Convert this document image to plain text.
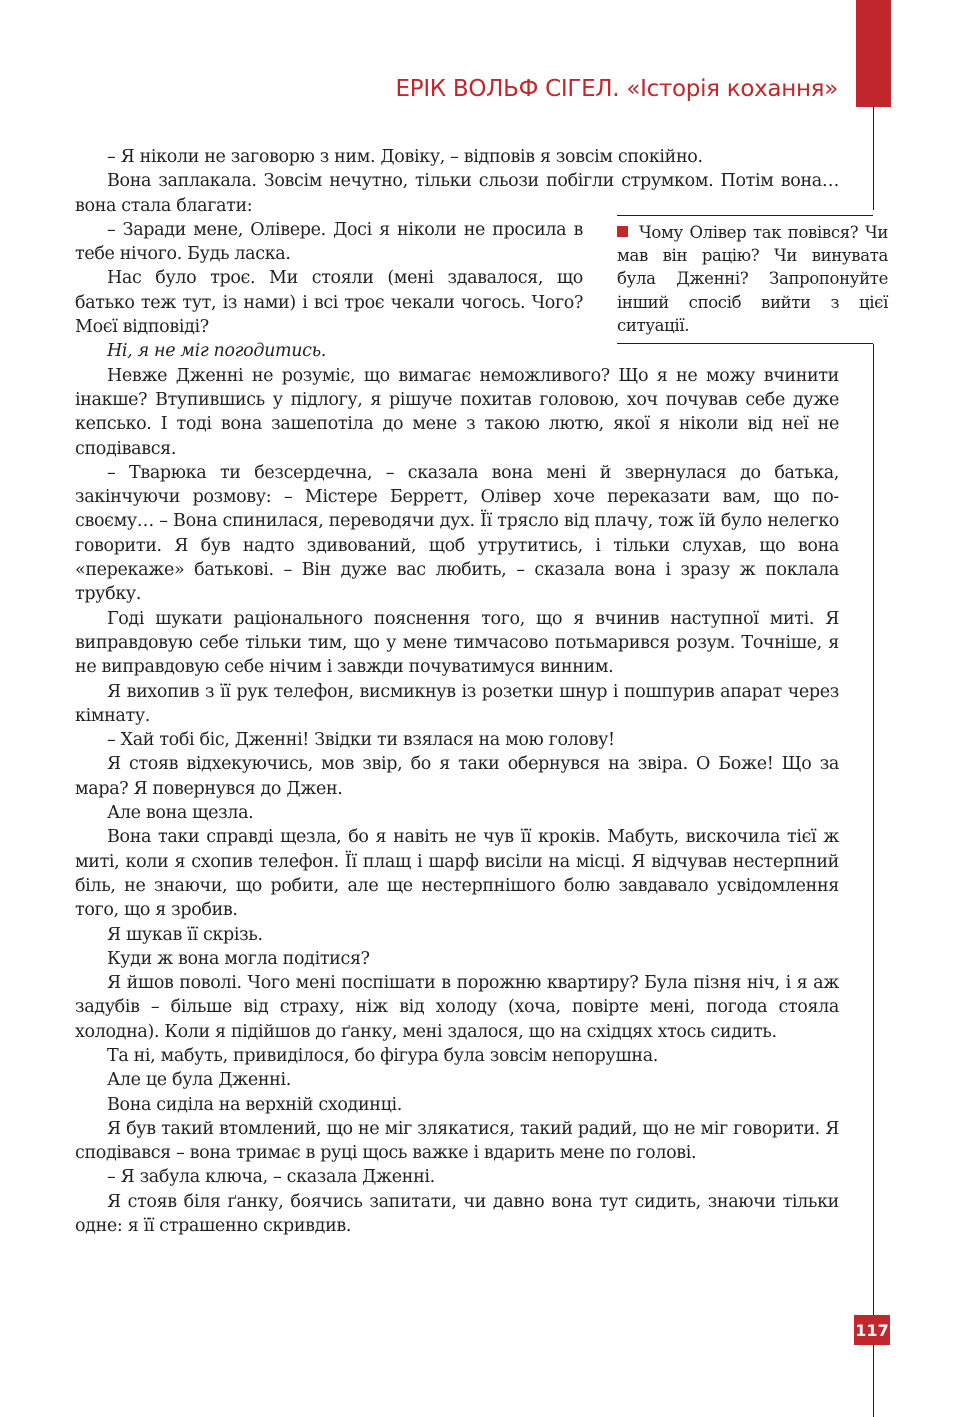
ЕРІК ВОЛЬФ СІГЕЛ. «Історія кохання»
Чому Олівер так повівся? Чи мав він рацію? Чи винувата була Дженні? Запропонуйте інший спосіб вийти з цієї ситуації.

– Я ніколи не заговорю з ним. Довіку, – відповів я зовсім спокійно.

Вона заплакала. Зовсім нечутно, тільки сльози побігли струмком. Потім вона… вона стала благати:

– Заради мене, Олівере. Досі я ніколи не просила в тебе нічого. Будь ласка.

Нас було троє. Ми стояли (мені здавалося, що батько теж тут, із нами) і всі троє чекали чогось. Чого? Моєї відповіді?

Ні, я не міг погодитись.

Невже Дженні не розуміє, що вимагає неможливого? Що я не можу вчинити інакше? Втупившись у підлогу, я рішуче похитав головою, хоч почував себе дуже кепсько. І тоді вона зашепотіла до мене з такою лютю, якої я ніколи від неї не сподівався.

– Тварюка ти безсердечна, – сказала вона мені й звернулася до батька, закінчуючи розмову: – Містере Берретт, Олівер хоче переказати вам, що по-своєму… – Вона спинилася, переводячи дух. Її трясло від плачу, тож їй було нелегко говорити. Я був надто здивований, щоб утрутитись, і тільки слухав, що вона «перекаже» батькові. – Він дуже вас любить, – сказала вона і зразу ж поклала трубку.

Годі шукати раціонального пояснення того, що я вчинив наступної миті. Я виправдовую себе тільки тим, що у мене тимчасово потьмарився розум. Точніше, я не виправдовую себе нічим і завжди почуватимуся винним.

Я вихопив з її рук телефон, висмикнув із розетки шнур і пошпурив апарат через кімнату.

– Хай тобі біс, Дженні! Звідки ти взялася на мою голову!

Я стояв відхекуючись, мов звір, бо я таки обернувся на звіра. О Боже! Що за мара? Я повернувся до Джен.

Але вона щезла.

Вона таки справді щезла, бо я навіть не чув її кроків. Мабуть, вискочила тієї ж миті, коли я схопив телефон. Її плащ і шарф висіли на місці. Я відчував нестерпний біль, не знаючи, що робити, але ще нестерпнішого болю завдавало усвідомлення того, що я зробив.

Я шукав її скрізь.

Куди ж вона могла подітися?

Я йшов поволі. Чого мені поспішати в порожню квартиру? Була пізня ніч, і я аж задубів – більше від страху, ніж від холоду (хоча, повірте мені, погода стояла холодна). Коли я підійшов до ґанку, мені здалося, що на східцях хтось сидить.

Та ні, мабуть, привиділося, бо фігура була зовсім непорушна.

Але це була Дженні.

Вона сиділа на верхній сходинці.

Я був такий втомлений, що не міг злякатися, такий радий, що не міг говорити. Я сподівався – вона тримає в руці щось важке і вдарить мене по голові.

– Я забула ключа, – сказала Дженні.

Я стояв біля ґанку, боячись запитати, чи давно вона тут сидить, знаючи тільки одне: я її страшенно скривдив.

117
